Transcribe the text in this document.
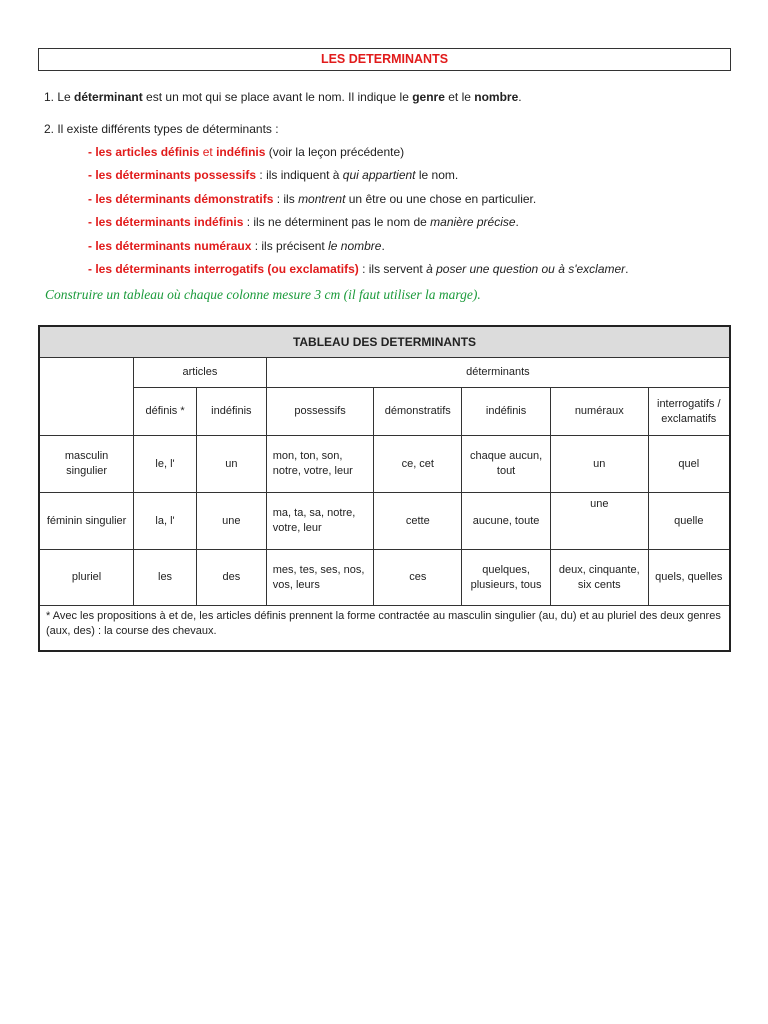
LES DETERMINANTS
1. Le déterminant est un mot qui se place avant le nom. Il indique le genre et le nombre.
2. Il existe différents types de déterminants :
- les articles définis et indéfinis (voir la leçon précédente)
- les déterminants possessifs : ils indiquent à qui appartient le nom.
- les déterminants démonstratifs : ils montrent un être ou une chose en particulier.
- les déterminants indéfinis : ils ne déterminent pas le nom de manière précise.
- les déterminants numéraux : ils précisent le nombre.
- les déterminants interrogatifs (ou exclamatifs) : ils servent à poser une question ou à s'exclamer.
Construire un tableau où chaque colonne mesure 3 cm (il faut utiliser la marge).
TABLEAU DES DETERMINANTS							
	articles		déterminants				
	définis *	indéfinis	possessifs	démonstratifs	indéfinis	numéraux	interrogatifs / exclamatifs
masculin singulier	le, l'	un	mon, ton, son, notre, votre, leur	ce, cet	chaque aucun, tout	un	quel
féminin singulier	la, l'	une	ma, ta, sa, notre, votre, leur	cette	aucune, toute	une	quelle
pluriel	les	des	mes, tes, ses, nos, vos, leurs	ces	quelques, plusieurs, tous	deux, cinquante, six cents	quels, quelles
* Avec les propositions à et de, les articles définis prennent la forme contractée au masculin singulier (au, du) et au pluriel des deux genres (aux, des) : la course des chevaux.							
